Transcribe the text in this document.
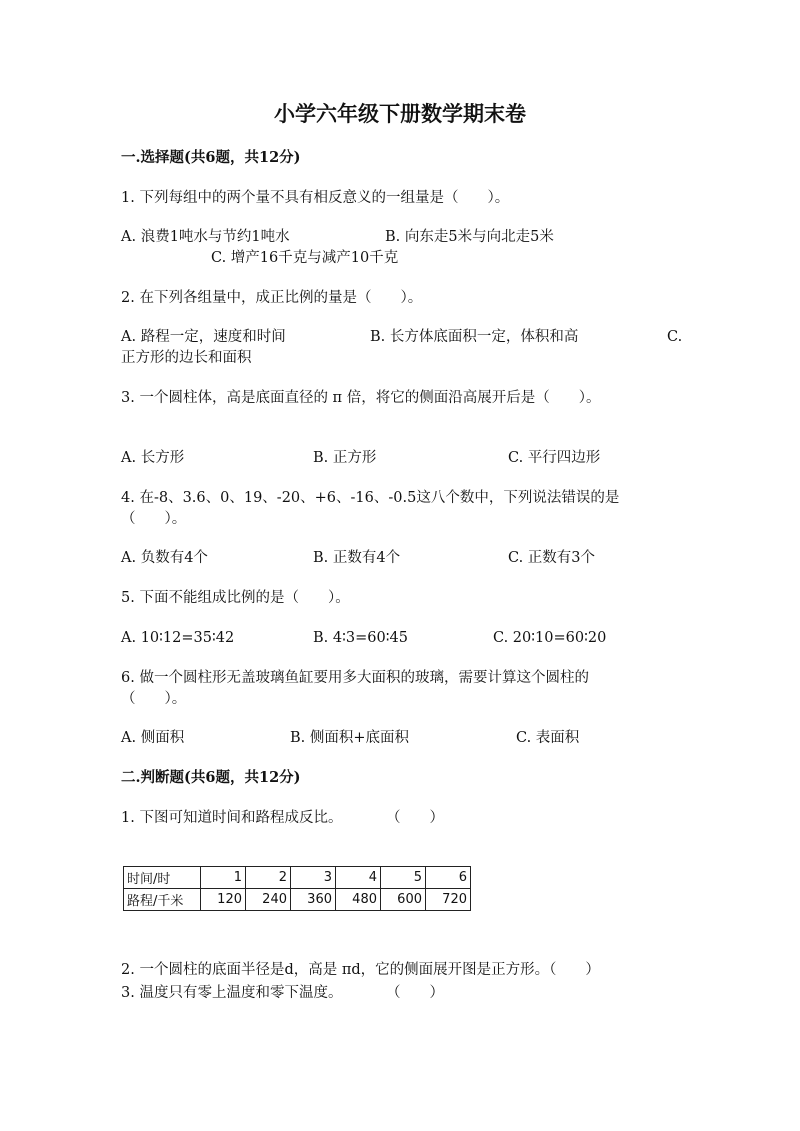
小学六年级下册数学期末卷
一.选择题(共6题，共12分)
1. 下列每组中的两个量不具有相反意义的一组量是（　　）。
A. 浪费1吨水与节约1吨水	B. 向东走5米与向北走5米
C. 增产16千克与减产10千克
2. 在下列各组量中，成正比例的量是（　　）。
A. 路程一定，速度和时间	B. 长方体底面积一定，体积和高	C.
正方形的边长和面积
3. 一个圆柱体，高是底面直径的 π 倍，将它的侧面沿高展开后是（　　）。
A. 长方形	B. 正方形	C. 平行四边形
4. 在-8、3.6、0、19、-20、+6、-16、-0.5这八个数中，下列说法错误的是
（　　）。
A. 负数有4个	B. 正数有4个	C. 正数有3个
5. 下面不能组成比例的是（　　）。
A. 10∶12=35∶42	B. 4∶3=60∶45	C. 20∶10=60∶20
6. 做一个圆柱形无盖玻璃鱼缸要用多大面积的玻璃，需要计算这个圆柱的
（　　）。
A. 侧面积	B. 侧面积+底面积	C. 表面积
二.判断题(共6题，共12分)
1. 下图可知道时间和路程成反比。　　　　（　　）
时间/时	1	2	3	4	5	6
路程/千米	120	240	360	480	600	720
2. 一个圆柱的底面半径是d，高是 πd，它的侧面展开图是正方形。（　　）
3. 温度只有零上温度和零下温度。　　　　（　　）
